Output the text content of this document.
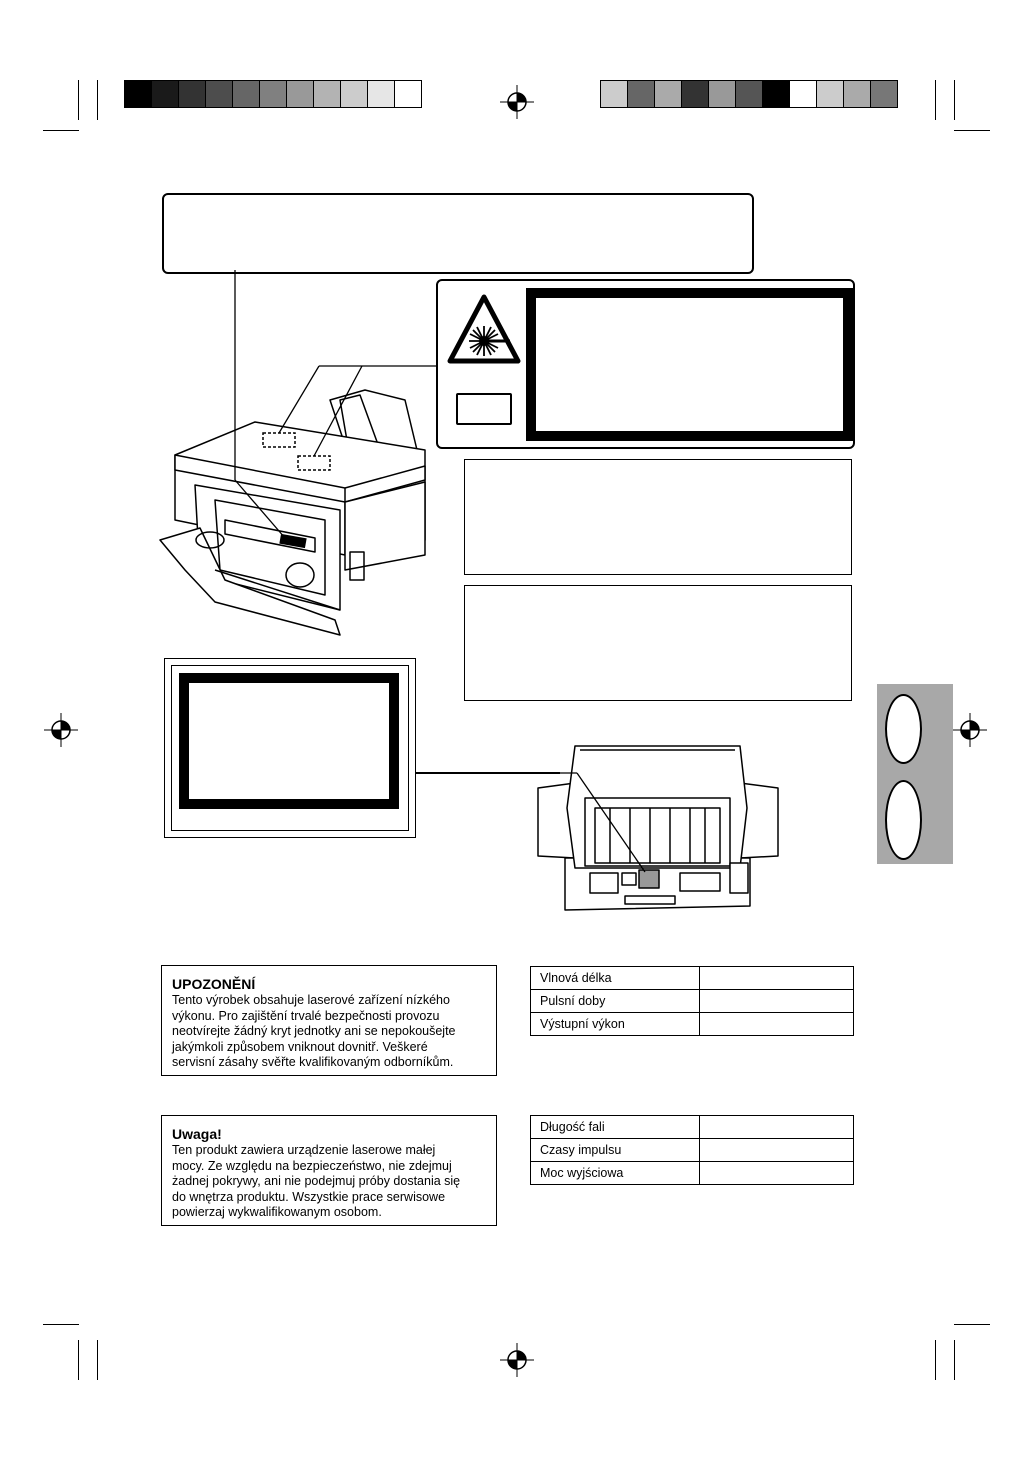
UPOZONĚNÍ
Tento výrobek obsahuje laserové zařízení nízkého
výkonu. Pro zajištění trvalé bezpečnosti provozu
neotvírejte žádný kryt jednotky ani se nepokoušejte
jakýmkoli způsobem vniknout dovnitř. Veškeré
servisní zásahy svěřte kvalifikovaným odborníkům.
Vlnová délka	
Pulsní doby	
Výstupní výkon	
Uwaga!
Ten produkt zawiera urządzenie laserowe małej
mocy. Ze względu na bezpieczeństwo, nie zdejmuj
żadnej pokrywy, ani nie podejmuj próby dostania się
do wnętrza produktu. Wszystkie prace serwisowe
powierzaj wykwalifikowanym osobom.
Długość fali	
Czasy impulsu	
Moc wyjściowa	
